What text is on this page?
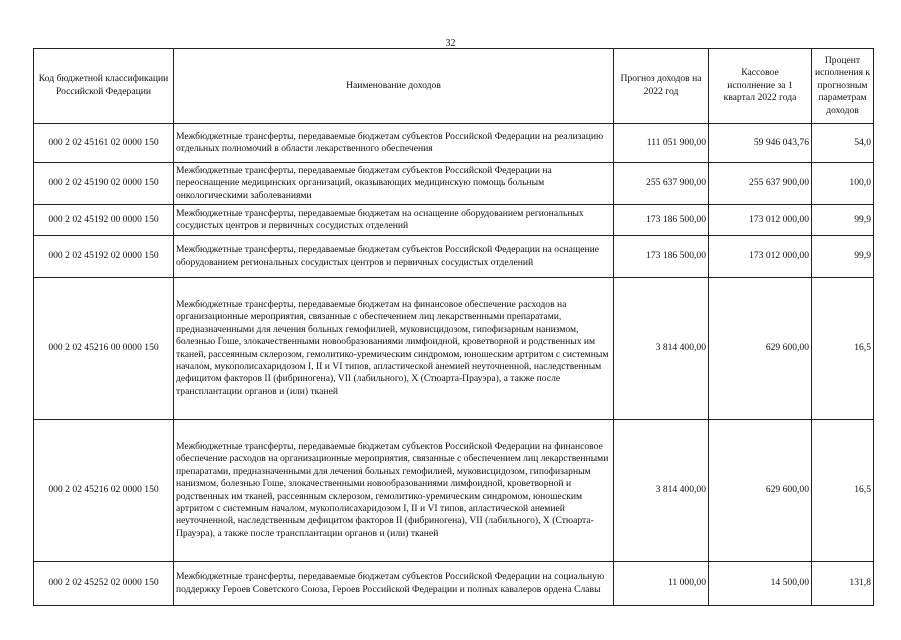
32
Код бюджетной классификации Российской Федерации	Наименование доходов	Прогноз доходов на 2022 год	Кассовое исполнение за 1 квартал 2022 года	Процент исполнения к прогнозным параметрам доходов
000 2 02 45161 02 0000 150	Межбюджетные трансферты, передаваемые бюджетам субъектов Российской Федерации на реализацию отдельных полномочий в области лекарственного обеспечения	111 051 900,00	59 946 043,76	54,0
000 2 02 45190 02 0000 150	Межбюджетные трансферты, передаваемые бюджетам субъектов Российской Федерации на переоснащение медицинских организаций, оказывающих медицинскую помощь больным онкологическими заболеваниями	255 637 900,00	255 637 900,00	100,0
000 2 02 45192 00 0000 150	Межбюджетные трансферты, передаваемые бюджетам на оснащение оборудованием региональных сосудистых центров и первичных сосудистых отделений	173 186 500,00	173 012 000,00	99,9
000 2 02 45192 02 0000 150	Межбюджетные трансферты, передаваемые бюджетам субъектов Российской Федерации на оснащение оборудованием региональных сосудистых центров и первичных сосудистых отделений	173 186 500,00	173 012 000,00	99,9
000 2 02 45216 00 0000 150	Межбюджетные трансферты, передаваемые бюджетам на финансовое обеспечение расходов на организационные мероприятия, связанные с обеспечением лиц лекарственными препаратами, предназначенными для лечения больных гемофилией, муковисцидозом, гипофизарным нанизмом, болезнью Гоше, злокачественными новообразованиями лимфоидной, кроветворной и родственных им тканей, рассеянным склерозом, гемолитико-уремическим синдромом, юношеским артритом с системным началом, мукополисахаридозом I, II и VI типов, апластической анемией неуточненной, наследственным дефицитом факторов II (фибриногена), VII (лабильного), X (Стюарта-Прауэра), а также после трансплантации органов и (или) тканей	3 814 400,00	629 600,00	16,5
000 2 02 45216 02 0000 150	Межбюджетные трансферты, передаваемые бюджетам субъектов Российской Федерации на финансовое обеспечение расходов на организационные мероприятия, связанные с обеспечением лиц лекарственными препаратами, предназначенными для лечения больных гемофилией, муковисцидозом, гипофизарным нанизмом, болезнью Гоше, злокачественными новообразованиями лимфоидной, кроветворной и родственных им тканей, рассеянным склерозом, гемолитико-уремическим синдромом, юношеским артритом с системным началом, мукополисахаридозом I, II и VI типов, апластической анемией неуточненной, наследственным дефицитом факторов II (фибриногена), VII (лабильного), X (Стюарта-Прауэра), а также после трансплантации органов и (или) тканей	3 814 400,00	629 600,00	16,5
000 2 02 45252 02 0000 150	Межбюджетные трансферты, передаваемые бюджетам субъектов Российской Федерации на социальную поддержку Героев Советского Союза, Героев Российской Федерации и полных кавалеров ордена Славы	11 000,00	14 500,00	131,8
